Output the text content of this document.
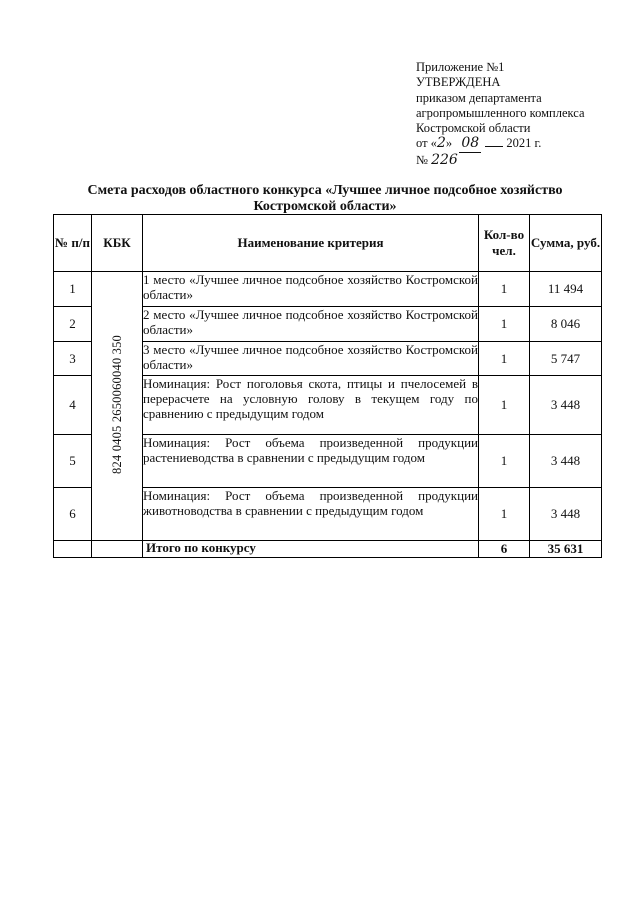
Приложение №1
УТВЕРЖДЕНА
приказом департамента
агропромышленного комплекса
Костромской области
от «2» 08 2021 г.
№ 226
Смета расходов областного конкурса «Лучшее личное подсобное хозяйство Костромской области»
№ п/п	КБК	Наименование критерия	Кол-во чел.	Сумма, руб.
1	824 0405 2650060040 350	1 место «Лучшее личное подсобное хозяйство Костромской области»	1	11 494
2		2 место «Лучшее личное подсобное хозяйство Костромской области»	1	8 046
3		3 место «Лучшее личное подсобное хозяйство Костромской области»	1	5 747
4		Номинация: Рост поголовья скота, птицы и пчелосемей в перерасчете на условную голову в текущем году по сравнению с предыдущим годом	1	3 448
5		Номинация: Рост объема произведенной продукции растениеводства в сравнении с предыдущим годом	1	3 448
6		Номинация: Рост объема произведенной продукции животноводства в сравнении с предыдущим годом	1	3 448
		Итого по конкурсу	6	35 631
